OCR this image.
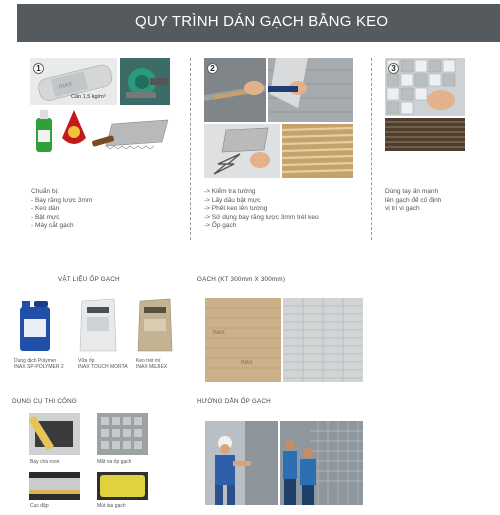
QUY TRÌNH DÁN GẠCH BẰNG KEO
INAX
Cần 1,5 kg/m²
1
Chuẩn bị:
- Bay răng lược 3mm
- Keo dán
- Bật mực
- Máy cắt gạch
2
-> Kiểm tra tường
-> Lấy dấu bật mực
-> Phết keo lên tường
-> Sử dụng bay răng lược 3mm trét keo
-> Ốp gạch
3
Dùng tay ấn mạnh
lên gạch để cố định
vị trí vi gạch
VẬT LIỆU ỐP GẠCH
Dung dịch Polymer
INAX SP-POLYMER 2
Vữa ốp
INAX TOUCH MORTA
Keo trét mí
INAX MEJIEX
GẠCH (KT 300mm X 300mm)
INAX
INAX
DỤNG CỤ THI CÔNG
Bay chà roon	Mắt na ốp gạch
Cục đập	Mút lau gạch
HƯỚNG DẪN ỐP GẠCH
